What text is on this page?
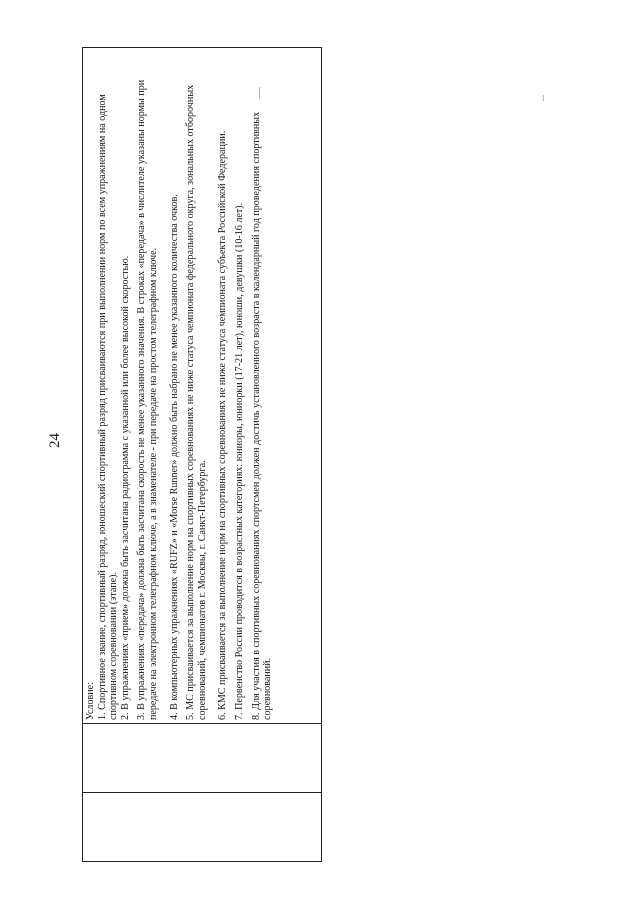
24

Условие: 1. Спортивное звание, спортивный разряд, юношеский спортивный разряд присваиваются при выполнении норм по всем упражнениям на одном спортивном соревновании (этапе). 2. В упражнениях «прием» должна быть засчитана радиограмма с указанной или более высокой скоростью. 3. В упражнениях «передача» должна быть засчитана скорость не менее указанного значения. В строках «передача» в числителе указаны нормы при передаче на электронном телеграфном ключе, а в знаменателе - при передаче на простом телеграфном ключе. 4. В компьютерных упражнениях «RUFZ» и «Morse Runner» должно быть набрано не менее указанного количества очков. 5. МС присваивается за выполнение норм на спортивных соревнованиях не ниже статуса чемпионата федерального округа, зональных отборочных соревнований, чемпионатов г. Москвы, г. Санкт-Петербурга. 6. КМС присваивается за выполнение норм на спортивных соревнованиях не ниже статуса чемпионата субъекта Российской Федерации. 7. Первенство России проводится в возрастных категориях: юниоры, юниорки (17-21 лет), юноши, девушки (10-16 лет). 8. Для участия в спортивных соревнованиях спортсмен должен достичь установленного возраста в календарный год проведения спортивных соревнований.
